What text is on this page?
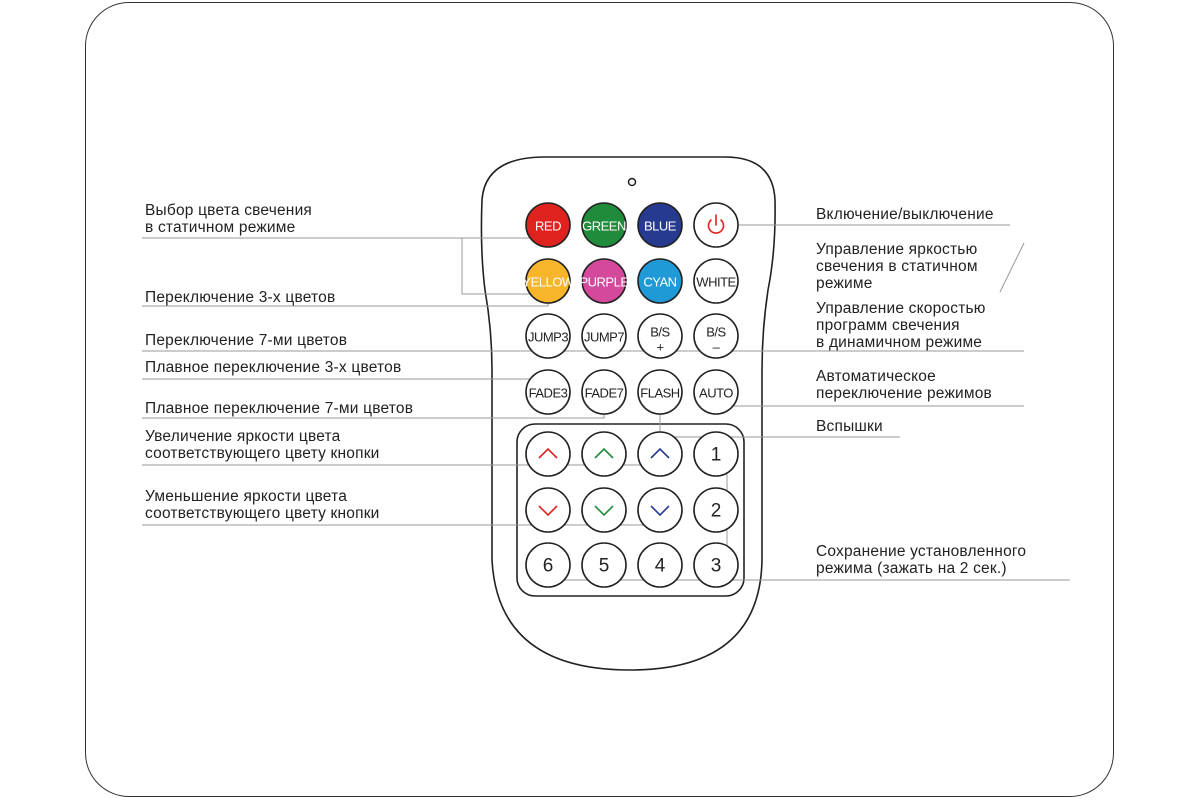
RED GREEN BLUE
YELLOW PURPLE CYAN WHITE
JUMP3 JUMP7 B/S
+
B/S
–
FADE3 FADE7 FLASH AUTO
1
2
6 5 4 3
Выбор цвета свечения
в статичном режиме
Переключение 3-х цветов
Переключение 7-ми цветов
Плавное переключение 3-х цветов
Плавное переключение 7-ми цветов
Увеличение яркости цвета
соответствующего цвету кнопки
Уменьшение яркости цвета
соответствующего цвету кнопки
Включение/выключение
Управление яркостью
свечения в статичном
режиме
Управление скоростью
программ свечения
в динамичном режиме
Автоматическое
переключение режимов
Вспышки
Сохранение установленного
режима (зажать на 2 сек.)
